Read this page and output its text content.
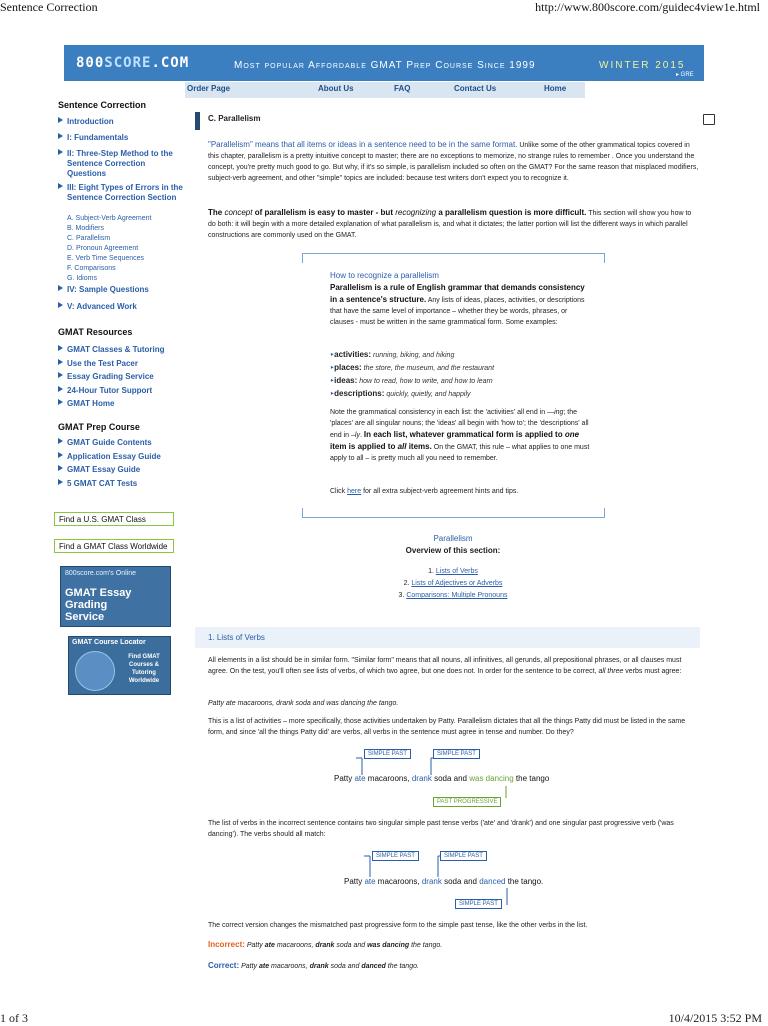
Sentence Correction	http://www.800score.com/guidec4view1e.html
1 of 3	10/4/2015 3:52 PM
800SCORE.COM	Most popular Affordable GMAT Prep Course Since 1999	WINTER 2015
▸ GRE
Order Page	About Us	FAQ	Contact Us	Home
Sentence Correction
Introduction
I: Fundamentals
II: Three-Step Method to the Sentence Correction Questions
III: Eight Types of Errors in the Sentence Correction Section
A. Subject-Verb Agreement
B. Modifiers
C. Parallelism
D. Pronoun Agreement
E. Verb Time Sequences
F. Comparisons
G. Idioms
IV: Sample Questions
V: Advanced Work
GMAT Resources
GMAT Classes & Tutoring
Use the Test Pacer
Essay Grading Service
24-Hour Tutor Support
GMAT Home
GMAT Prep Course
GMAT Guide Contents
Application Essay Guide
GMAT Essay Guide
5 GMAT CAT Tests
Find a U.S. GMAT Class
Find a GMAT Class Worldwide
800score.com's Online
GMAT Essay Grading Service
GMAT Course Locator
Find GMAT Courses & Tutoring Worldwide
C. Parallelism
"Parallelism" means that all items or ideas in a sentence need to be in the same format. Unlike some of the other grammatical topics covered in this chapter, parallelism is a pretty intuitive concept to master; there are no exceptions to memorize, no strange rules to remember . Once you understand the concept, you're pretty much good to go. But why, if it's so simple, is parallelism included so often on the GMAT? For the same reason that misplaced modifiers, subject-verb agreement, and other "simple" topics are included: because test writers don't expect you to recognize it.
The concept of parallelism is easy to master - but recognizing a parallelism question is more difficult. This section will show you how to do both: it will begin with a more detailed explanation of what parallelism is, and what it dictates; the latter portion will list the different ways in which parallel constructions are commonly used on the GMAT.
How to recognize a parallelism
Parallelism is a rule of English grammar that demands consistency in a sentence's structure. Any lists of ideas, places, activities, or descriptions that have the same level of importance – whether they be words, phrases, or clauses - must be written in the same grammatical form. Some examples:
‣activities: running, biking, and hiking
‣places: the store, the museum, and the restaurant
‣ideas: how to read, how to write, and how to learn
‣descriptions: quickly, quietly, and happily
Note the grammatical consistency in each list: the 'activities' all end in —ing; the 'places' are all singular nouns; the 'ideas' all begin with 'how to'; the 'descriptions' all end in –ly. In each list, whatever grammatical form is applied to one item is applied to all items. On the GMAT, this rule – what applies to one must apply to all – is pretty much all you need to remember.
Click here for all extra subject-verb agreement hints and tips.
Parallelism
Overview of this section:
1. Lists of Verbs
2. Lists of Adjectives or Adverbs
3. Comparisons: Multiple Pronouns
1. Lists of Verbs
All elements in a list should be in similar form. "Similar form" means that all nouns, all infinitives, all gerunds, all prepositional phrases, or all clauses must agree. On the test, you'll often see lists of verbs, of which two agree, but one does not. In order for the sentence to be correct, all three verbs must agree:
Patty ate macaroons, drank soda and was dancing the tango.
This is a list of activities – more specifically, those activities undertaken by Patty. Parallelism dictates that all the things Patty did must be listed in the same form, and since 'all the things Patty did' are verbs, all verbs in the sentence must agree in tense and number. Do they?
SIMPLE PAST	SIMPLE PAST
PAST PROGRESSIVE
Patty ate macaroons, drank soda and was dancing the tango
The list of verbs in the incorrect sentence contains two singular simple past tense verbs ('ate' and 'drank') and one singular past progressive verb ('was dancing'). The verbs should all match:
SIMPLE PAST	SIMPLE PAST
SIMPLE PAST
Patty ate macaroons, drank soda and danced the tango.
The correct version changes the mismatched past progressive form to the simple past tense, like the other verbs in the list.
Incorrect: Patty ate macaroons, drank soda and was dancing the tango.
Correct: Patty ate macaroons, drank soda and danced the tango.
